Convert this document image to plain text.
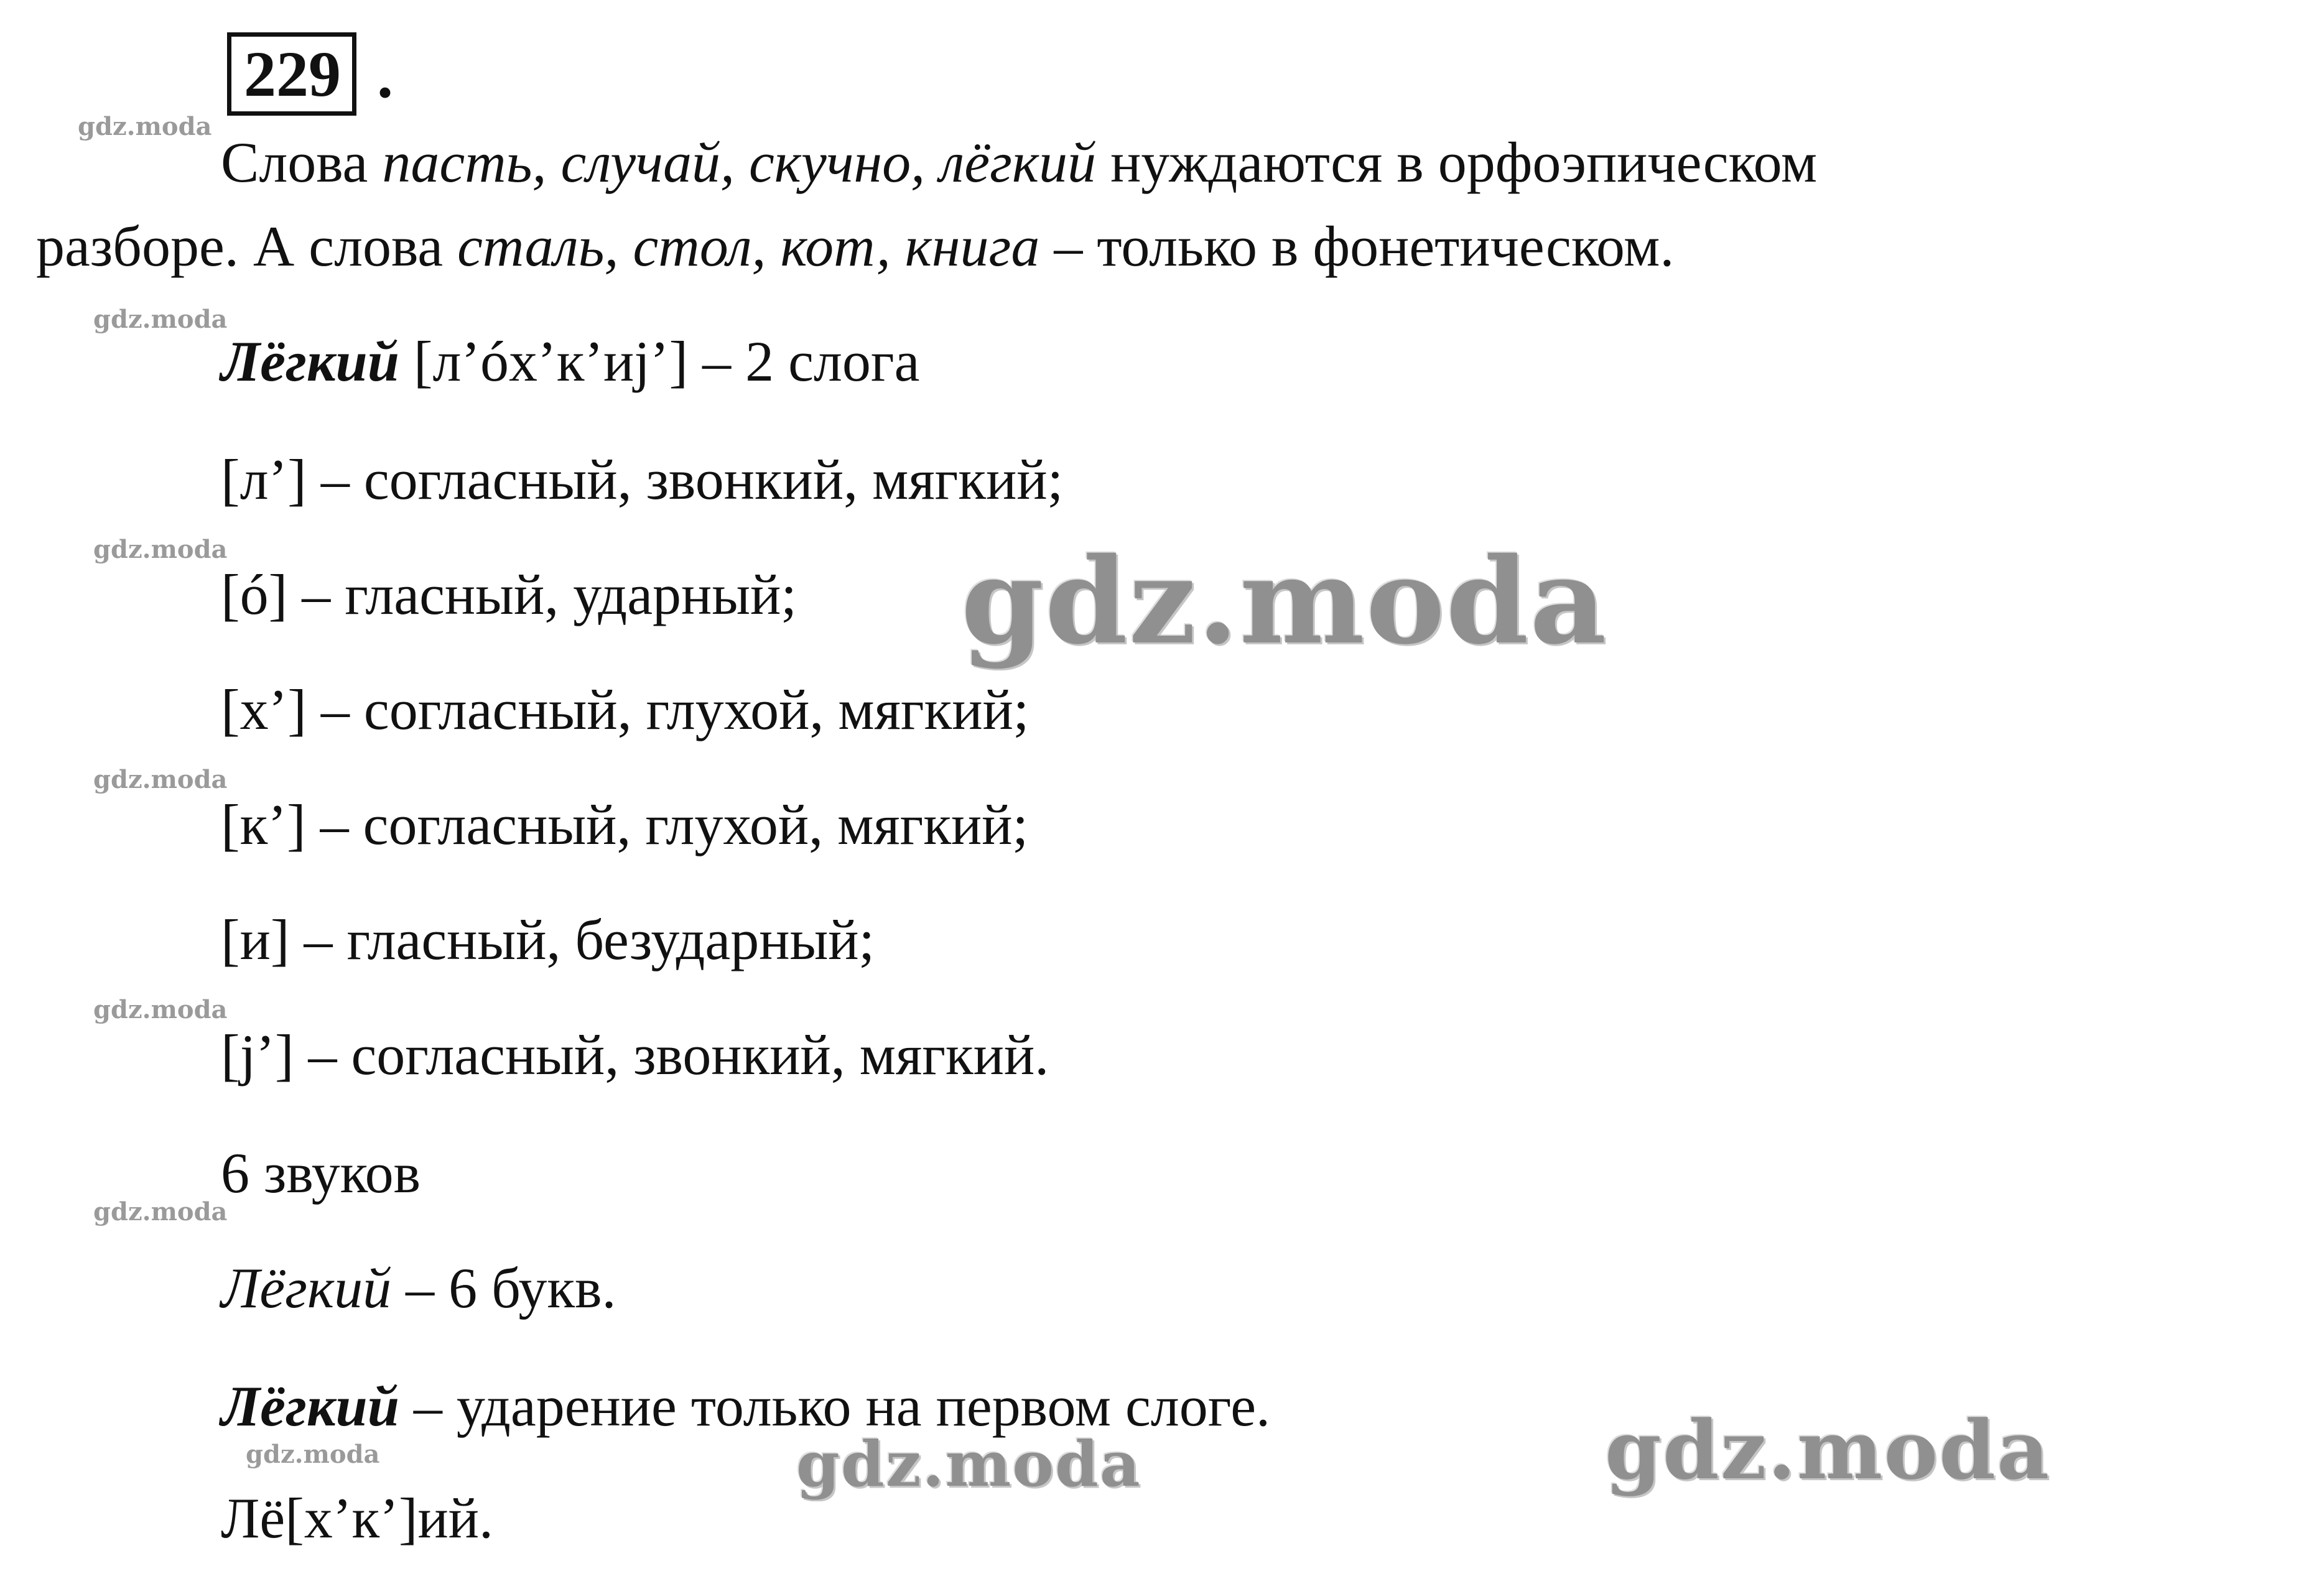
229 .
Слова пасть, случай, скучно, лёгкий нуждаются в орфоэпическом
разборе. А слова сталь, стол, кот, книга – только в фонетическом.
Лёгкий [л’óх’к’иj’] – 2 слога
[л’] – согласный, звонкий, мягкий;
[ó] – гласный, ударный;
[х’] – согласный, глухой, мягкий;
[к’] – согласный, глухой, мягкий;
[и] – гласный, безударный;
[j’] – согласный, звонкий, мягкий.
6 звуков
Лёгкий – 6 букв.
Лёгкий – ударение только на первом слоге.
Лё[х’к’]ий.
gdz.moda
gdz.moda
gdz.moda
gdz.moda
gdz.moda
gdz.moda
gdz.moda
gdz.moda
gdz.moda	gdz.moda
